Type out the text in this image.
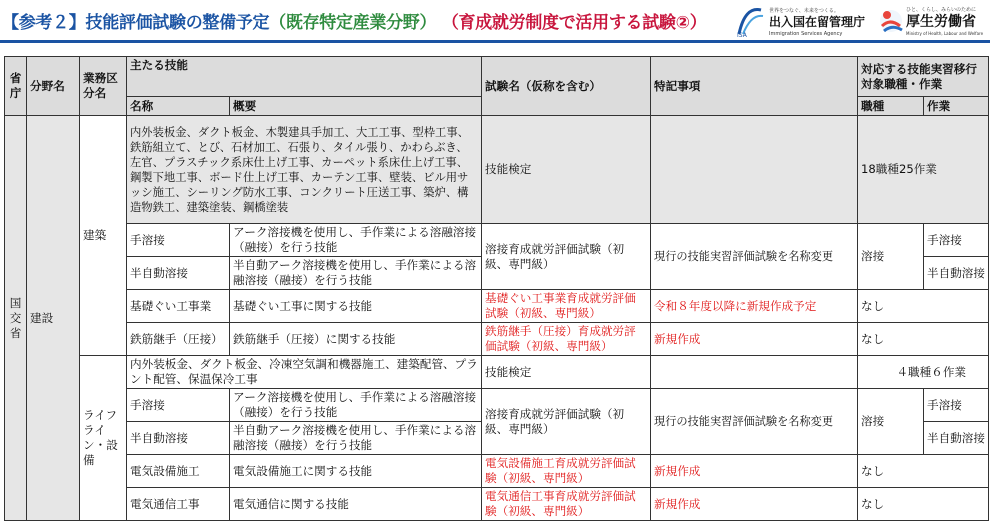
【参考２】技能評価試験の整備予定（既存特定産業分野） （育成就労制度で活用する試験②）
ISA
世界をつなぐ、未来をつくる。
出入国在留管理庁
Immigration Services Agency
ひと、くらし、みらいのために
厚生労働省
Ministry of Health, Labour and Welfare
省庁	分野名	業務区分名	主たる技能		試験名（仮称を含む）	特記事項	対応する技能実習移行対象職種・作業	
			名称	概要			職種	作業
国交省	建設	建築	内外装板金、ダクト板金、木製建具手加工、大工工事、型枠工事、鉄筋組立て、とび、石材加工、石張り、タイル張り、かわらぶき、左官、プラスチック系床仕上げ工事、カーペット系床仕上げ工事、鋼製下地工事、ボード仕上げ工事、カーテン工事、壁装、ビル用サッシ施工、シーリング防水工事、コンクリート圧送工事、築炉、構造物鉄工、建築塗装、鋼橋塗装		技能検定		18職種25作業	
			手溶接	アーク溶接機を使用し、手作業による溶融溶接（融接）を行う技能	溶接育成就労評価試験（初級、専門級）	現行の技能実習評価試験を名称変更	溶接	手溶接
			半自動溶接	半自動アーク溶接機を使用し、手作業による溶融溶接（融接）を行う技能				半自動溶接
			基礎ぐい工事業	基礎ぐい工事に関する技能	基礎ぐい工事業育成就労評価試験（初級、専門級）	令和８年度以降に新規作成予定	なし	
			鉄筋継手（圧接）	鉄筋継手（圧接）に関する技能	鉄筋継手（圧接）育成就労評価試験（初級、専門級）	新規作成	なし	
		ライフライン・設備	内外装板金、ダクト板金、冷凍空気調和機器施工、建築配管、プラント配管、保温保冷工事		技能検定		４職種６作業	
			手溶接	アーク溶接機を使用し、手作業による溶融溶接（融接）を行う技能	溶接育成就労評価試験（初級、専門級）	現行の技能実習評価試験を名称変更	溶接	手溶接
			半自動溶接	半自動アーク溶接機を使用し、手作業による溶融溶接（融接）を行う技能				半自動溶接
			電気設備施工	電気設備施工に関する技能	電気設備施工育成就労評価試験（初級、専門級）	新規作成	なし	
			電気通信工事	電気通信に関する技能	電気通信工事育成就労評価試験（初級、専門級）	新規作成	なし	
